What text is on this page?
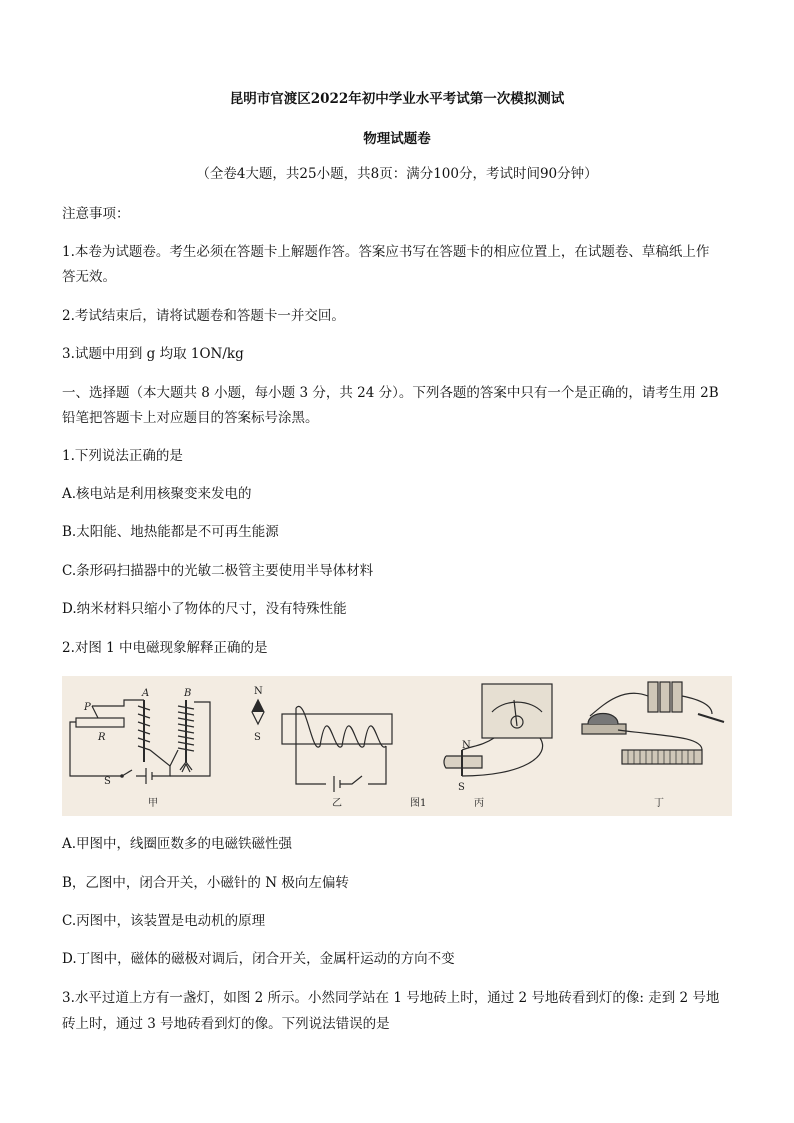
昆明市官渡区2022年初中学业水平考试第一次模拟测试
物理试题卷
（全卷4大题，共25小题，共8页：满分100分，考试时间90分钟）
注意事项：
1.本卷为试题卷。考生必须在答题卡上解题作答。答案应书写在答题卡的相应位置上，在试题卷、草稿纸上作
答无效。
2.考试结束后，请将试题卷和答题卡一并交回。
3.试题中用到 g 均取 1ON/kg
一、选择题（本大题共 8 小题，每小题 3 分，共 24 分）。下列各题的答案中只有一个是正确的，请考生用 2B
铅笔把答题卡上对应题目的答案标号涂黑。
1.下列说法正确的是
A.核电站是利用核聚变来发电的
B.太阳能、地热能都是不可再生能源
C.条形码扫描器中的光敏二极管主要使用半导体材料
D.纳米材料只缩小了物体的尺寸，没有特殊性能
2.对图 1 中电磁现象解释正确的是
A	B
P
R
S
甲
N
S
乙
N
S
图1	丙	丁
A.甲图中，线圈匝数多的电磁铁磁性强
B，乙图中，闭合开关，小磁针的 N 极向左偏转
C.丙图中，该装置是电动机的原理
D.丁图中，磁体的磁极对调后，闭合开关，金属杆运动的方向不变
3.水平过道上方有一盏灯，如图 2 所示。小然同学站在 1 号地砖上时，通过 2 号地砖看到灯的像: 走到 2 号地
砖上时，通过 3 号地砖看到灯的像。下列说法错误的是
